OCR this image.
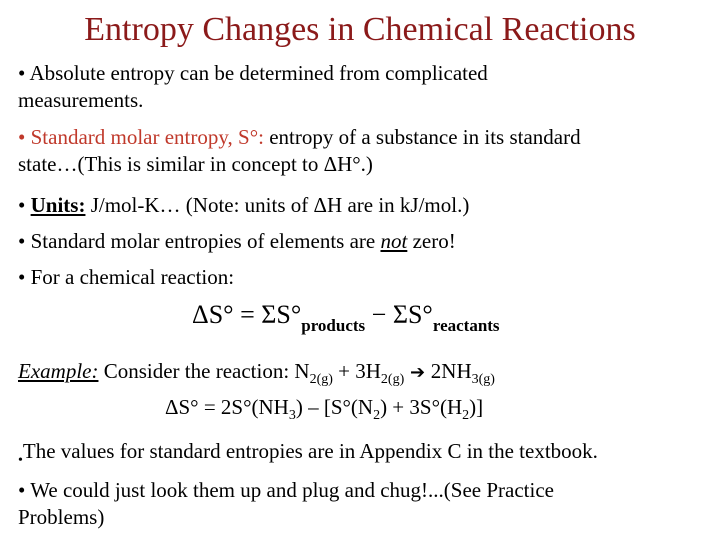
Entropy Changes in Chemical Reactions
• Absolute entropy can be determined from complicated
measurements.
• Standard molar entropy, S°: entropy of a substance in its standard
state…(This is similar in concept to ΔH°.)
• Units: J/mol-K… (Note: units of ΔH are in kJ/mol.)
• Standard molar entropies of elements are not zero!
• For a chemical reaction:
$\Delta S^\circ = \Sigma S^\circ_{products} - \Sigma S^\circ_{reactants}$
Example: Consider the reaction: $N_{2(g)} + 3H_{2(g)}$ ➔ $2NH_{3(g)}$
$\Delta S^\circ = 2S^\circ(NH_3) - [S^\circ(N_2) + 3S^\circ(H_2)]$
$_•$The values for standard entropies are in Appendix C in the textbook.
• We could just look them up and plug and chug!...(See Practice
Problems)
